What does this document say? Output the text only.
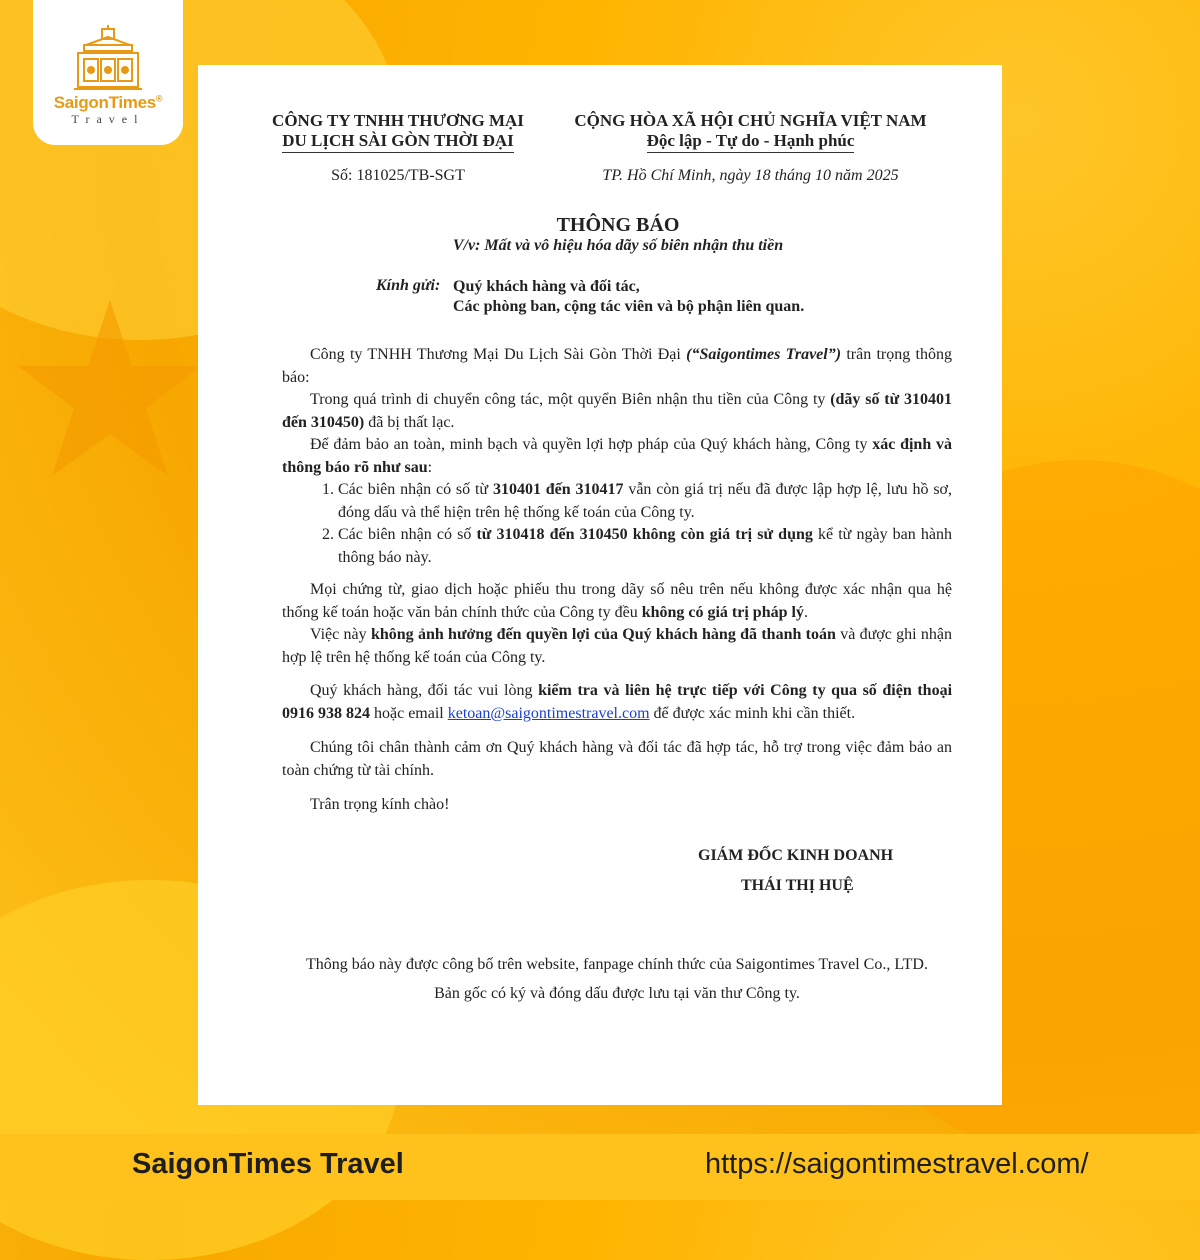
SaigonTimes®
Travel	CÔNG TY TNHH THƯƠNG MẠI
DU LỊCH SÀI GÒN THỜI ĐẠI
CỘNG HÒA XÃ HỘI CHỦ NGHĨA VIỆT NAM
Độc lập - Tự do - Hạnh phúc
Số: 181025/TB-SGT	TP. Hồ Chí Minh, ngày 18 tháng 10 năm 2025
THÔNG BÁO
V/v: Mất và vô hiệu hóa dãy số biên nhận thu tiền
Kính gửi: Quý khách hàng và đối tác,
Các phòng ban, cộng tác viên và bộ phận liên quan.

Công ty TNHH Thương Mại Du Lịch Sài Gòn Thời Đại (“Saigontimes Travel”) trân trọng thông báo:

Trong quá trình di chuyển công tác, một quyển Biên nhận thu tiền của Công ty (dãy số từ 310401 đến 310450) đã bị thất lạc.

Để đảm bảo an toàn, minh bạch và quyền lợi hợp pháp của Quý khách hàng, Công ty xác định và thông báo rõ như sau:

1. Các biên nhận có số từ 310401 đến 310417 vẫn còn giá trị nếu đã được lập hợp lệ, lưu hồ sơ, đóng dấu và thể hiện trên hệ thống kế toán của Công ty.
2. Các biên nhận có số từ 310418 đến 310450 không còn giá trị sử dụng kể từ ngày ban hành thông báo này.

Mọi chứng từ, giao dịch hoặc phiếu thu trong dãy số nêu trên nếu không được xác nhận qua hệ thống kế toán hoặc văn bản chính thức của Công ty đều không có giá trị pháp lý.

Việc này không ảnh hưởng đến quyền lợi của Quý khách hàng đã thanh toán và được ghi nhận hợp lệ trên hệ thống kế toán của Công ty.

Quý khách hàng, đối tác vui lòng kiểm tra và liên hệ trực tiếp với Công ty qua số điện thoại 0916 938 824 hoặc email ketoan@saigontimestravel.com để được xác minh khi cần thiết.

Chúng tôi chân thành cảm ơn Quý khách hàng và đối tác đã hợp tác, hỗ trợ trong việc đảm bảo an toàn chứng từ tài chính.

Trân trọng kính chào!

GIÁM ĐỐC KINH DOANH
THÁI THỊ HUỆ
Thông báo này được công bố trên website, fanpage chính thức của Saigontimes Travel Co., LTD.
Bản gốc có ký và đóng dấu được lưu tại văn thư Công ty.
SaigonTimes Travel	https://saigontimestravel.com/
